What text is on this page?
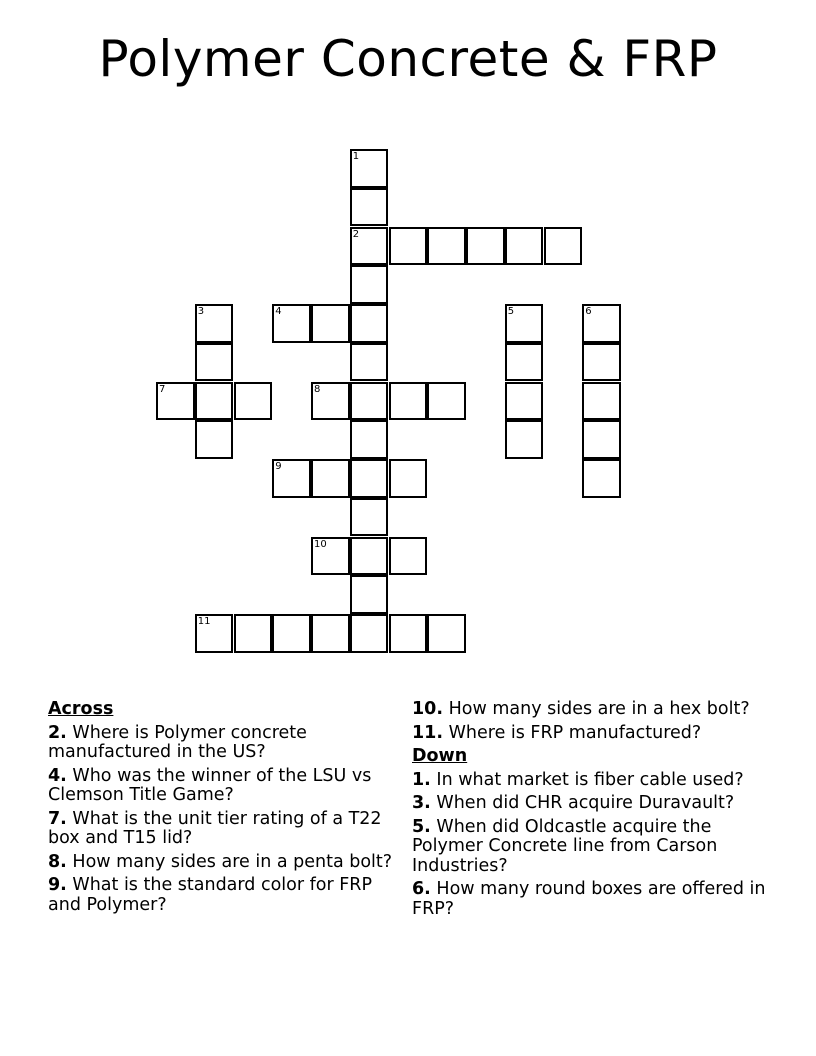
Polymer Concrete & FRP
1
2
3	4	5	6
7	8
9
10
11
Across
2. Where is Polymer concrete manufactured in the US?
4. Who was the winner of the LSU vs Clemson Title Game?
7. What is the unit tier rating of a T22 box and T15 lid?
8. How many sides are in a penta bolt?
9. What is the standard color for FRP and Polymer?
10. How many sides are in a hex bolt?
11. Where is FRP manufactured?
Down
1. In what market is fiber cable used?
3. When did CHR acquire Duravault?
5. When did Oldcastle acquire the Polymer Concrete line from Carson Industries?
6. How many round boxes are offered in FRP?
